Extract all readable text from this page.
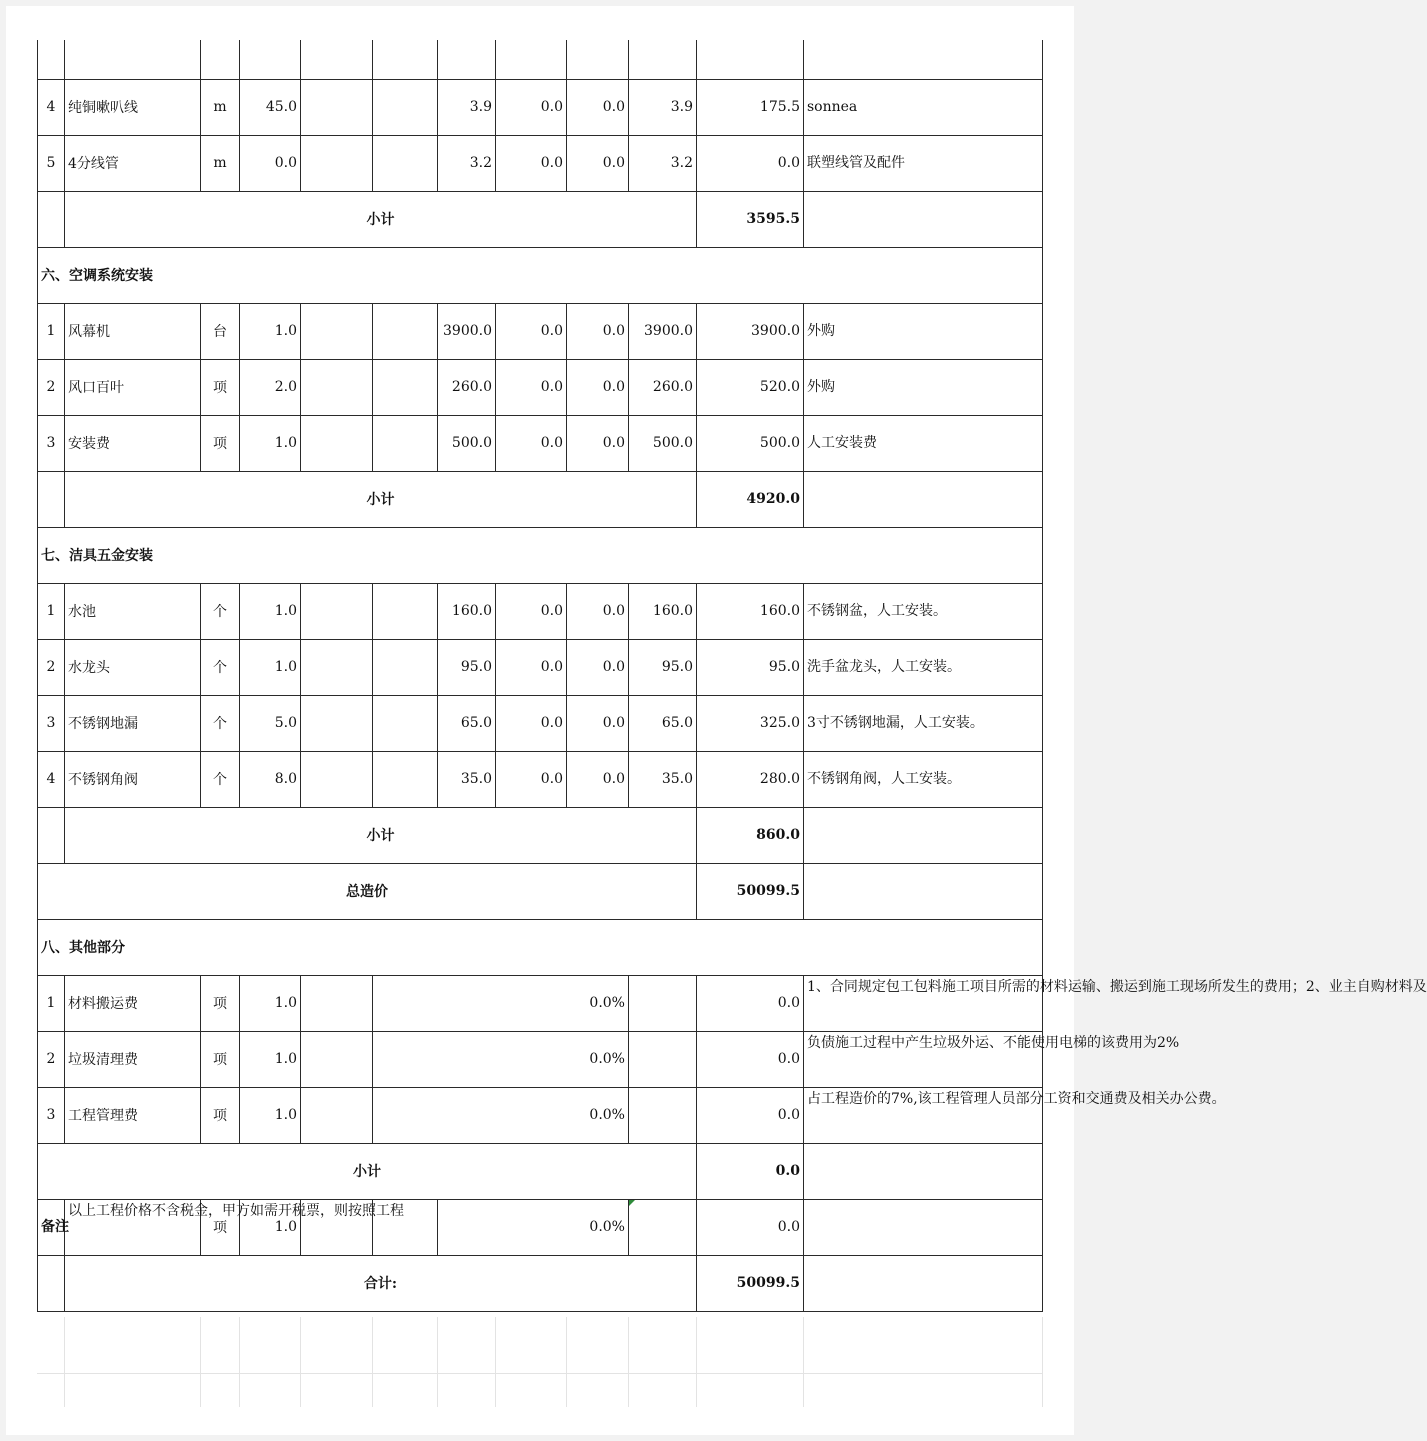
4	纯铜嗽叭线	m	45.0			3.9	0.0	0.0	3.9	175.5	sonnea
5	4分线管	m	0.0			3.2	0.0	0.0	3.2	0.0	联塑线管及配件
	小计									3595.5	
六、空调系统安装											
1	风幕机	台	1.0			3900.0	0.0	0.0	3900.0	3900.0	外购
2	风口百叶	项	2.0			260.0	0.0	0.0	260.0	520.0	外购
3	安装费	项	1.0			500.0	0.0	0.0	500.0	500.0	人工安装费
	小计									4920.0	
七、洁具五金安装											
1	水池	个	1.0			160.0	0.0	0.0	160.0	160.0	不锈钢盆，人工安装。
2	水龙头	个	1.0			95.0	0.0	0.0	95.0	95.0	洗手盆龙头，人工安装。
3	不锈钢地漏	个	5.0			65.0	0.0	0.0	65.0	325.0	3寸不锈钢地漏，人工安装。
4	不锈钢角阀	个	8.0			35.0	0.0	0.0	35.0	280.0	不锈钢角阀，人工安装。
	小计									860.0	
总造价										50099.5	
八、其他部分											
1	材料搬运费	项	1.0		0.0%					0.0	1、合同规定包工包料施工项目所需的材料运输、搬运到施工现场所发生的费用；2、业主自购材料及

2	垃圾清理费	项	1.0		0.0%					0.0	负债施工过程中产生垃圾外运、不能使用电梯的该费用为2%

3	工程管理费	项	1.0		0.0%					0.0	占工程造价的7%,该工程管理人员部分工资和交通费及相关办公费。

小计										0.0	
备注	以上工程价格不含税金，甲方如需开税票，则按照工程	项	1.0			0.0%				0.0	
	合计:									50099.5	
